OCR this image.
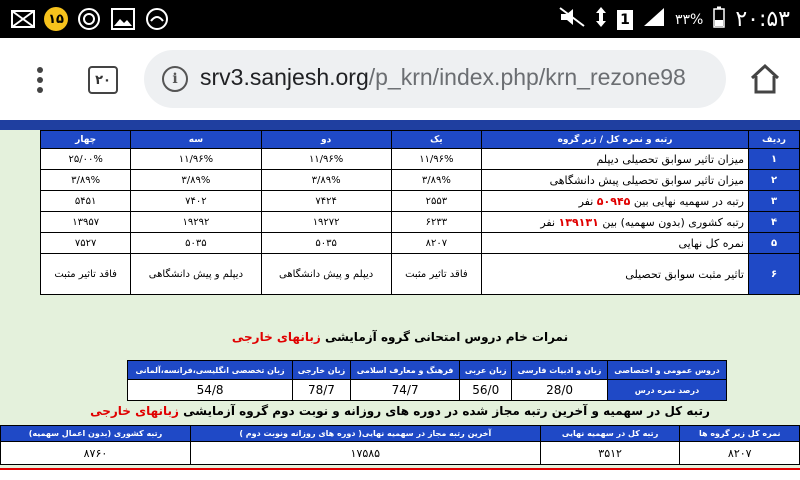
۱۵	1	۳۳% ۲۰:۵۳
۲۰	i srv3.sanjesh.org/p_krn/index.php/krn_rezone98
ردیف	رتبه و نمره کل / زیر گروه	یک	دو	سه	چهار
۱	میزان تاثیر سوابق تحصیلی دیپلم	۱۱/۹۶%	۱۱/۹۶%	۱۱/۹۶%	۲۵/۰۰%
۲	میزان تاثیر سوابق تحصیلی پیش دانشگاهی	۳/۸۹%	۳/۸۹%	۳/۸۹%	۳/۸۹%
۳	رتبه در سهمیه نهایی بین ۵۰۹۴۵ نفر	۲۵۵۳	۷۴۲۴	۷۴۰۲	۵۴۵۱
۴	رتبه کشوری (بدون سهمیه) بین ۱۳۹۱۳۱ نفر	۶۲۳۳	۱۹۲۷۲	۱۹۲۹۲	۱۳۹۵۷
۵	نمره کل نهایی	۸۲۰۷	۵۰۳۵	۵۰۳۵	۷۵۲۷
۶	تاثیر مثبت سوابق تحصیلی	فاقد تاثیر مثبت	دیپلم و پیش دانشگاهی	دیپلم و پیش دانشگاهی	فاقد تاثیر مثبت
نمرات خام دروس امتحانی گروه آزمایشی زبانهای خارجی
دروس عمومی و اختصاصی	زبان و ادبیات فارسی	زبان عربی	فرهنگ و معارف اسلامی	زبان خارجی	زبان تخصصی انگلیسی،فرانسه،آلمانی
درصد نمره درس	28/0	56/0	74/7	78/7	54/8
رتبه کل در سهمیه و آخرین رتبه مجاز شده در دوره های روزانه و نوبت دوم گروه آزمایشی زبانهای خارجی
نمره کل زیر گروه ها	رتبه کل در سهمیه نهایی	آخرین رتبه مجاز در سهمیه نهایی( دوره های روزانه ونوبت دوم )	رتبه کشوری (بدون اعمال سهمیه)
۸۲۰۷	۳۵۱۲	۱۷۵۸۵	۸۷۶۰
